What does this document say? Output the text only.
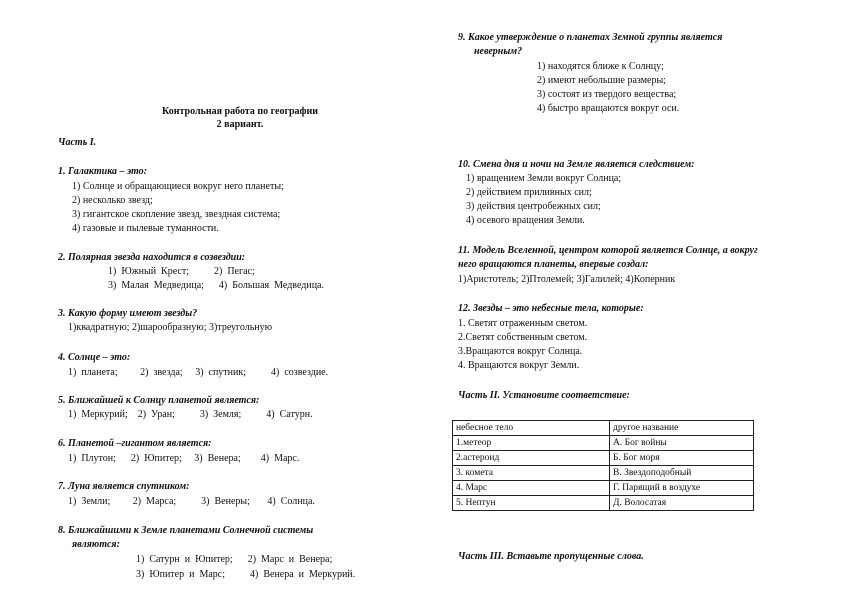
Контрольная работа по географии
2 вариант.
Часть I.
1. Галактика – это:
1) Солнце и обращающиеся вокруг него планеты;
2) несколько звезд;
3) гигантское скопление звезд, звездная система;
4) газовые и пылевые туманности.
2. Полярная звезда находится в созвездии:
1)  Южный  Крест;          2)  Пегас;
3)  Малая  Медведица;      4)  Большая  Медведица.
3. Какую форму имеют звезды?
1)квадратную; 2)шарообразную; 3)треугольную
4. Солнце – это:
1)  планета;         2)  звезда;     3)  спутник;          4)  созвездие.
5. Ближайшей к Солнцу планетой является:
1)  Меркурий;    2)  Уран;          3)  Земля;          4)  Сатурн.
6. Планетой –гигантом является:
1)  Плутон;      2)  Юпитер;     3)  Венера;        4)  Марс.
7. Луна является спутником:
1)  Земли;         2)  Марса;          3)  Венеры;       4)  Солнца.
8. Ближайшими к Земле планетами Солнечной системы
являются:
1)  Сатурн  и  Юпитер;      2)  Марс  и  Венера;
3)  Юпитер  и  Марс;          4)  Венера  и  Меркурий.
9. Какое утверждение о планетах Земной группы является
неверным?
1) находятся ближе к Солнцу;
2) имеют небольшие размеры;
3) состоят из твердого вещества;
4) быстро вращаются вокруг оси.
10. Смена дня и ночи на Земле является следствием:
1) вращением Земли вокруг Солнца;
2) действием приливных сил;
3) действия центробежных сил;
4) осевого вращения Земли.
11. Модель Вселенной, центром которой является Солнце, а вокруг
него вращаются планеты, впервые создал:
1)Аристотель; 2)Птолемей; 3)Галилей; 4)Коперник
12. Звезды – это небесные тела, которые:
1. Светят отраженным светом.
2.Светят собственным светом.
3.Вращаются вокруг Солнца.
4. Вращаются вокруг Земли.
Часть II. Установите соответствие:
небесное тело	другое название
1.метеор	А. Бог войны
2.астероид	Б. Бог моря
3. комета	В. Звездоподобный
4. Марс	Г. Парящий в воздухе
5. Нептун	Д. Волосатая
Часть III. Вставьте пропущенные слова.
